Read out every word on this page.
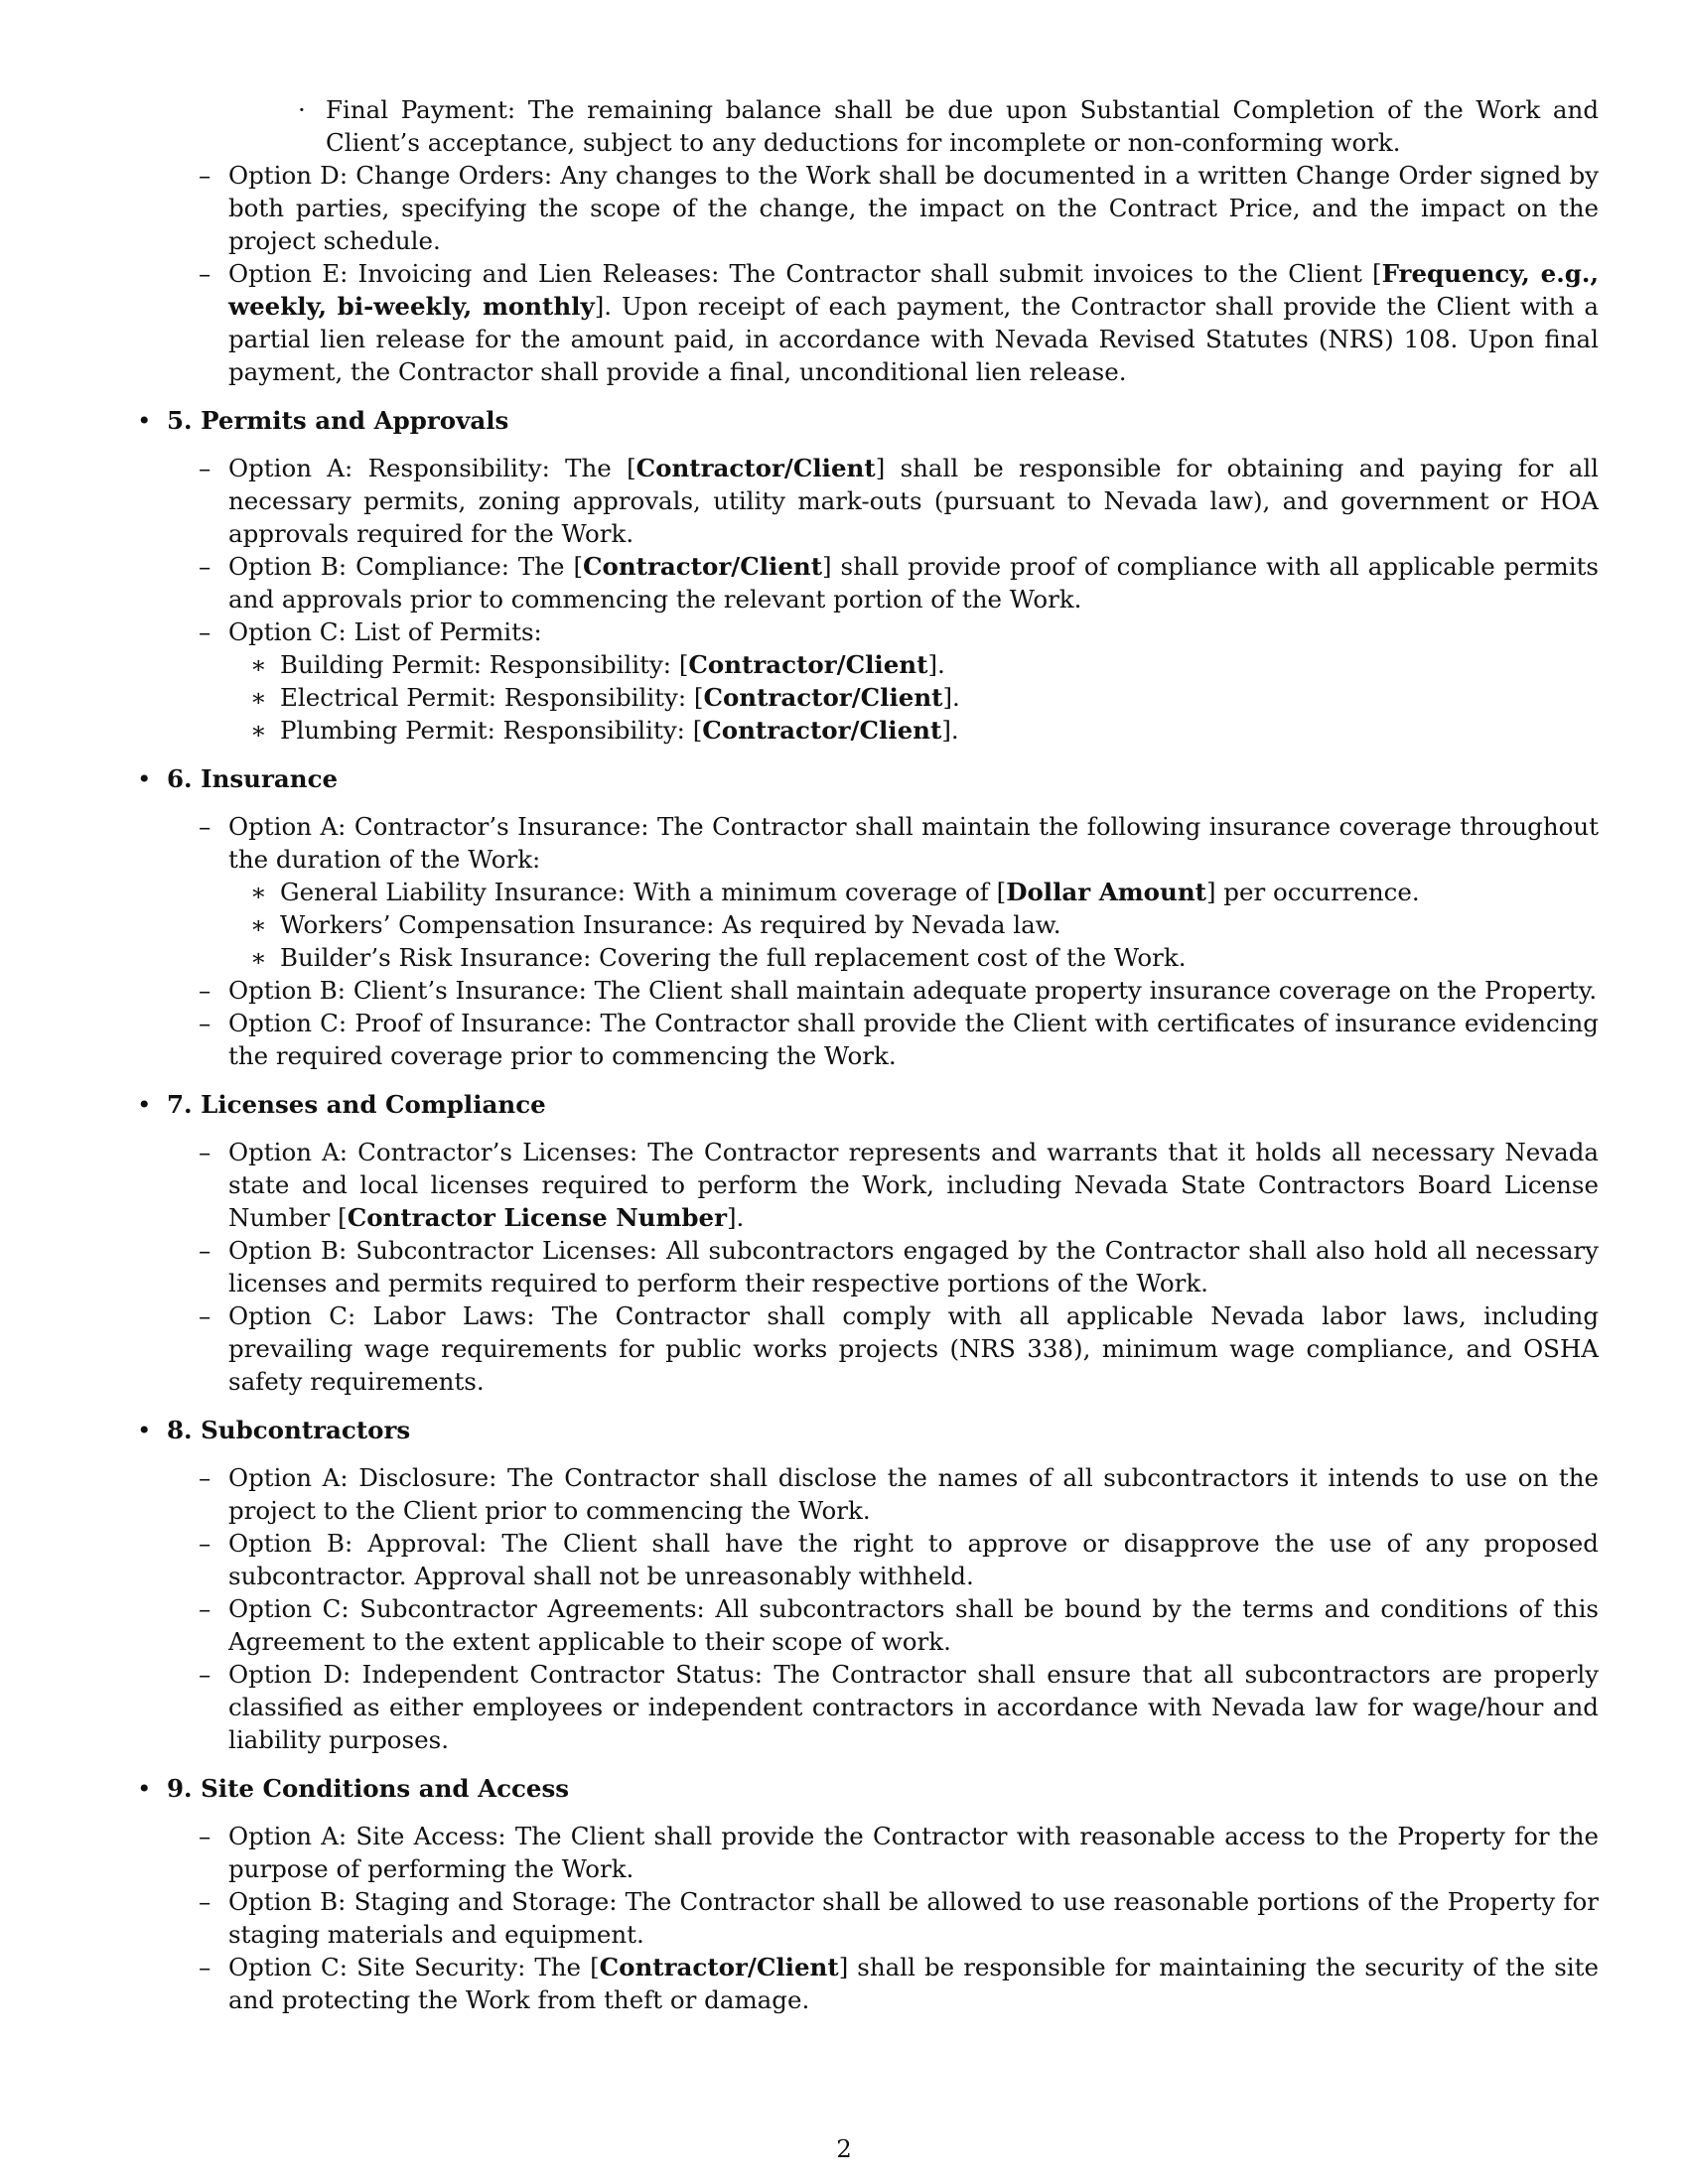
· Final Payment: The remaining balance shall be due upon Substantial Completion of the Work and Client’s acceptance, subject to any deductions for incomplete or non-conforming work.
– Option D: Change Orders: Any changes to the Work shall be documented in a written Change Order signed by both parties, specifying the scope of the change, the impact on the Contract Price, and the impact on the project schedule.
– Option E: Invoicing and Lien Releases: The Contractor shall submit invoices to the Client [Frequency, e.g., weekly, bi-weekly, monthly]. Upon receipt of each payment, the Contractor shall provide the Client with a partial lien release for the amount paid, in accordance with Nevada Revised Statutes (NRS) 108. Upon final payment, the Contractor shall provide a final, unconditional lien release.
• 5. Permits and Approvals
– Option A: Responsibility: The [Contractor/Client] shall be responsible for obtaining and paying for all necessary permits, zoning approvals, utility mark-outs (pursuant to Nevada law), and government or HOA approvals required for the Work.
– Option B: Compliance: The [Contractor/Client] shall provide proof of compliance with all applicable permits and approvals prior to commencing the relevant portion of the Work.
– Option C: List of Permits:
∗ Building Permit: Responsibility: [Contractor/Client].
∗ Electrical Permit: Responsibility: [Contractor/Client].
∗ Plumbing Permit: Responsibility: [Contractor/Client].
• 6. Insurance
– Option A: Contractor’s Insurance: The Contractor shall maintain the following insurance coverage throughout the duration of the Work:
∗ General Liability Insurance: With a minimum coverage of [Dollar Amount] per occurrence.
∗ Workers’ Compensation Insurance: As required by Nevada law.
∗ Builder’s Risk Insurance: Covering the full replacement cost of the Work.
– Option B: Client’s Insurance: The Client shall maintain adequate property insurance coverage on the Property.
– Option C: Proof of Insurance: The Contractor shall provide the Client with certificates of insurance evidencing the required coverage prior to commencing the Work.
• 7. Licenses and Compliance
– Option A: Contractor’s Licenses: The Contractor represents and warrants that it holds all necessary Nevada state and local licenses required to perform the Work, including Nevada State Contractors Board License Number [Contractor License Number].
– Option B: Subcontractor Licenses: All subcontractors engaged by the Contractor shall also hold all necessary licenses and permits required to perform their respective portions of the Work.
– Option C: Labor Laws: The Contractor shall comply with all applicable Nevada labor laws, including prevailing wage requirements for public works projects (NRS 338), minimum wage compliance, and OSHA safety requirements.
• 8. Subcontractors
– Option A: Disclosure: The Contractor shall disclose the names of all subcontractors it intends to use on the project to the Client prior to commencing the Work.
– Option B: Approval: The Client shall have the right to approve or disapprove the use of any proposed subcontractor. Approval shall not be unreasonably withheld.
– Option C: Subcontractor Agreements: All subcontractors shall be bound by the terms and conditions of this Agreement to the extent applicable to their scope of work.
– Option D: Independent Contractor Status: The Contractor shall ensure that all subcontractors are properly classified as either employees or independent contractors in accordance with Nevada law for wage/hour and liability purposes.
• 9. Site Conditions and Access
– Option A: Site Access: The Client shall provide the Contractor with reasonable access to the Property for the purpose of performing the Work.
– Option B: Staging and Storage: The Contractor shall be allowed to use reasonable portions of the Property for staging materials and equipment.
– Option C: Site Security: The [Contractor/Client] shall be responsible for maintaining the security of the site and protecting the Work from theft or damage.
2
